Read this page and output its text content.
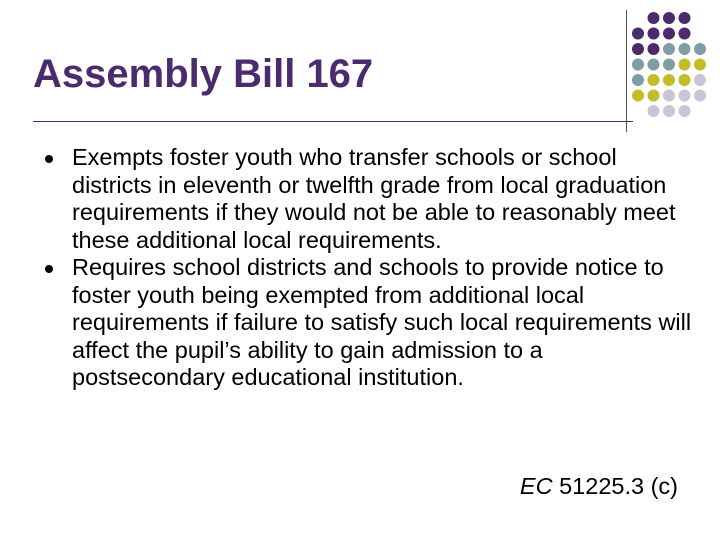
Assembly Bill 167
Exempts foster youth who transfer schools or school districts in eleventh or twelfth grade from local graduation requirements if they would not be able to reasonably meet these additional local requirements.
Requires school districts and schools to provide notice to foster youth being exempted from additional local requirements if failure to satisfy such local requirements will affect the pupil’s ability to gain admission to a postsecondary educational institution.
EC 51225.3 (c)
